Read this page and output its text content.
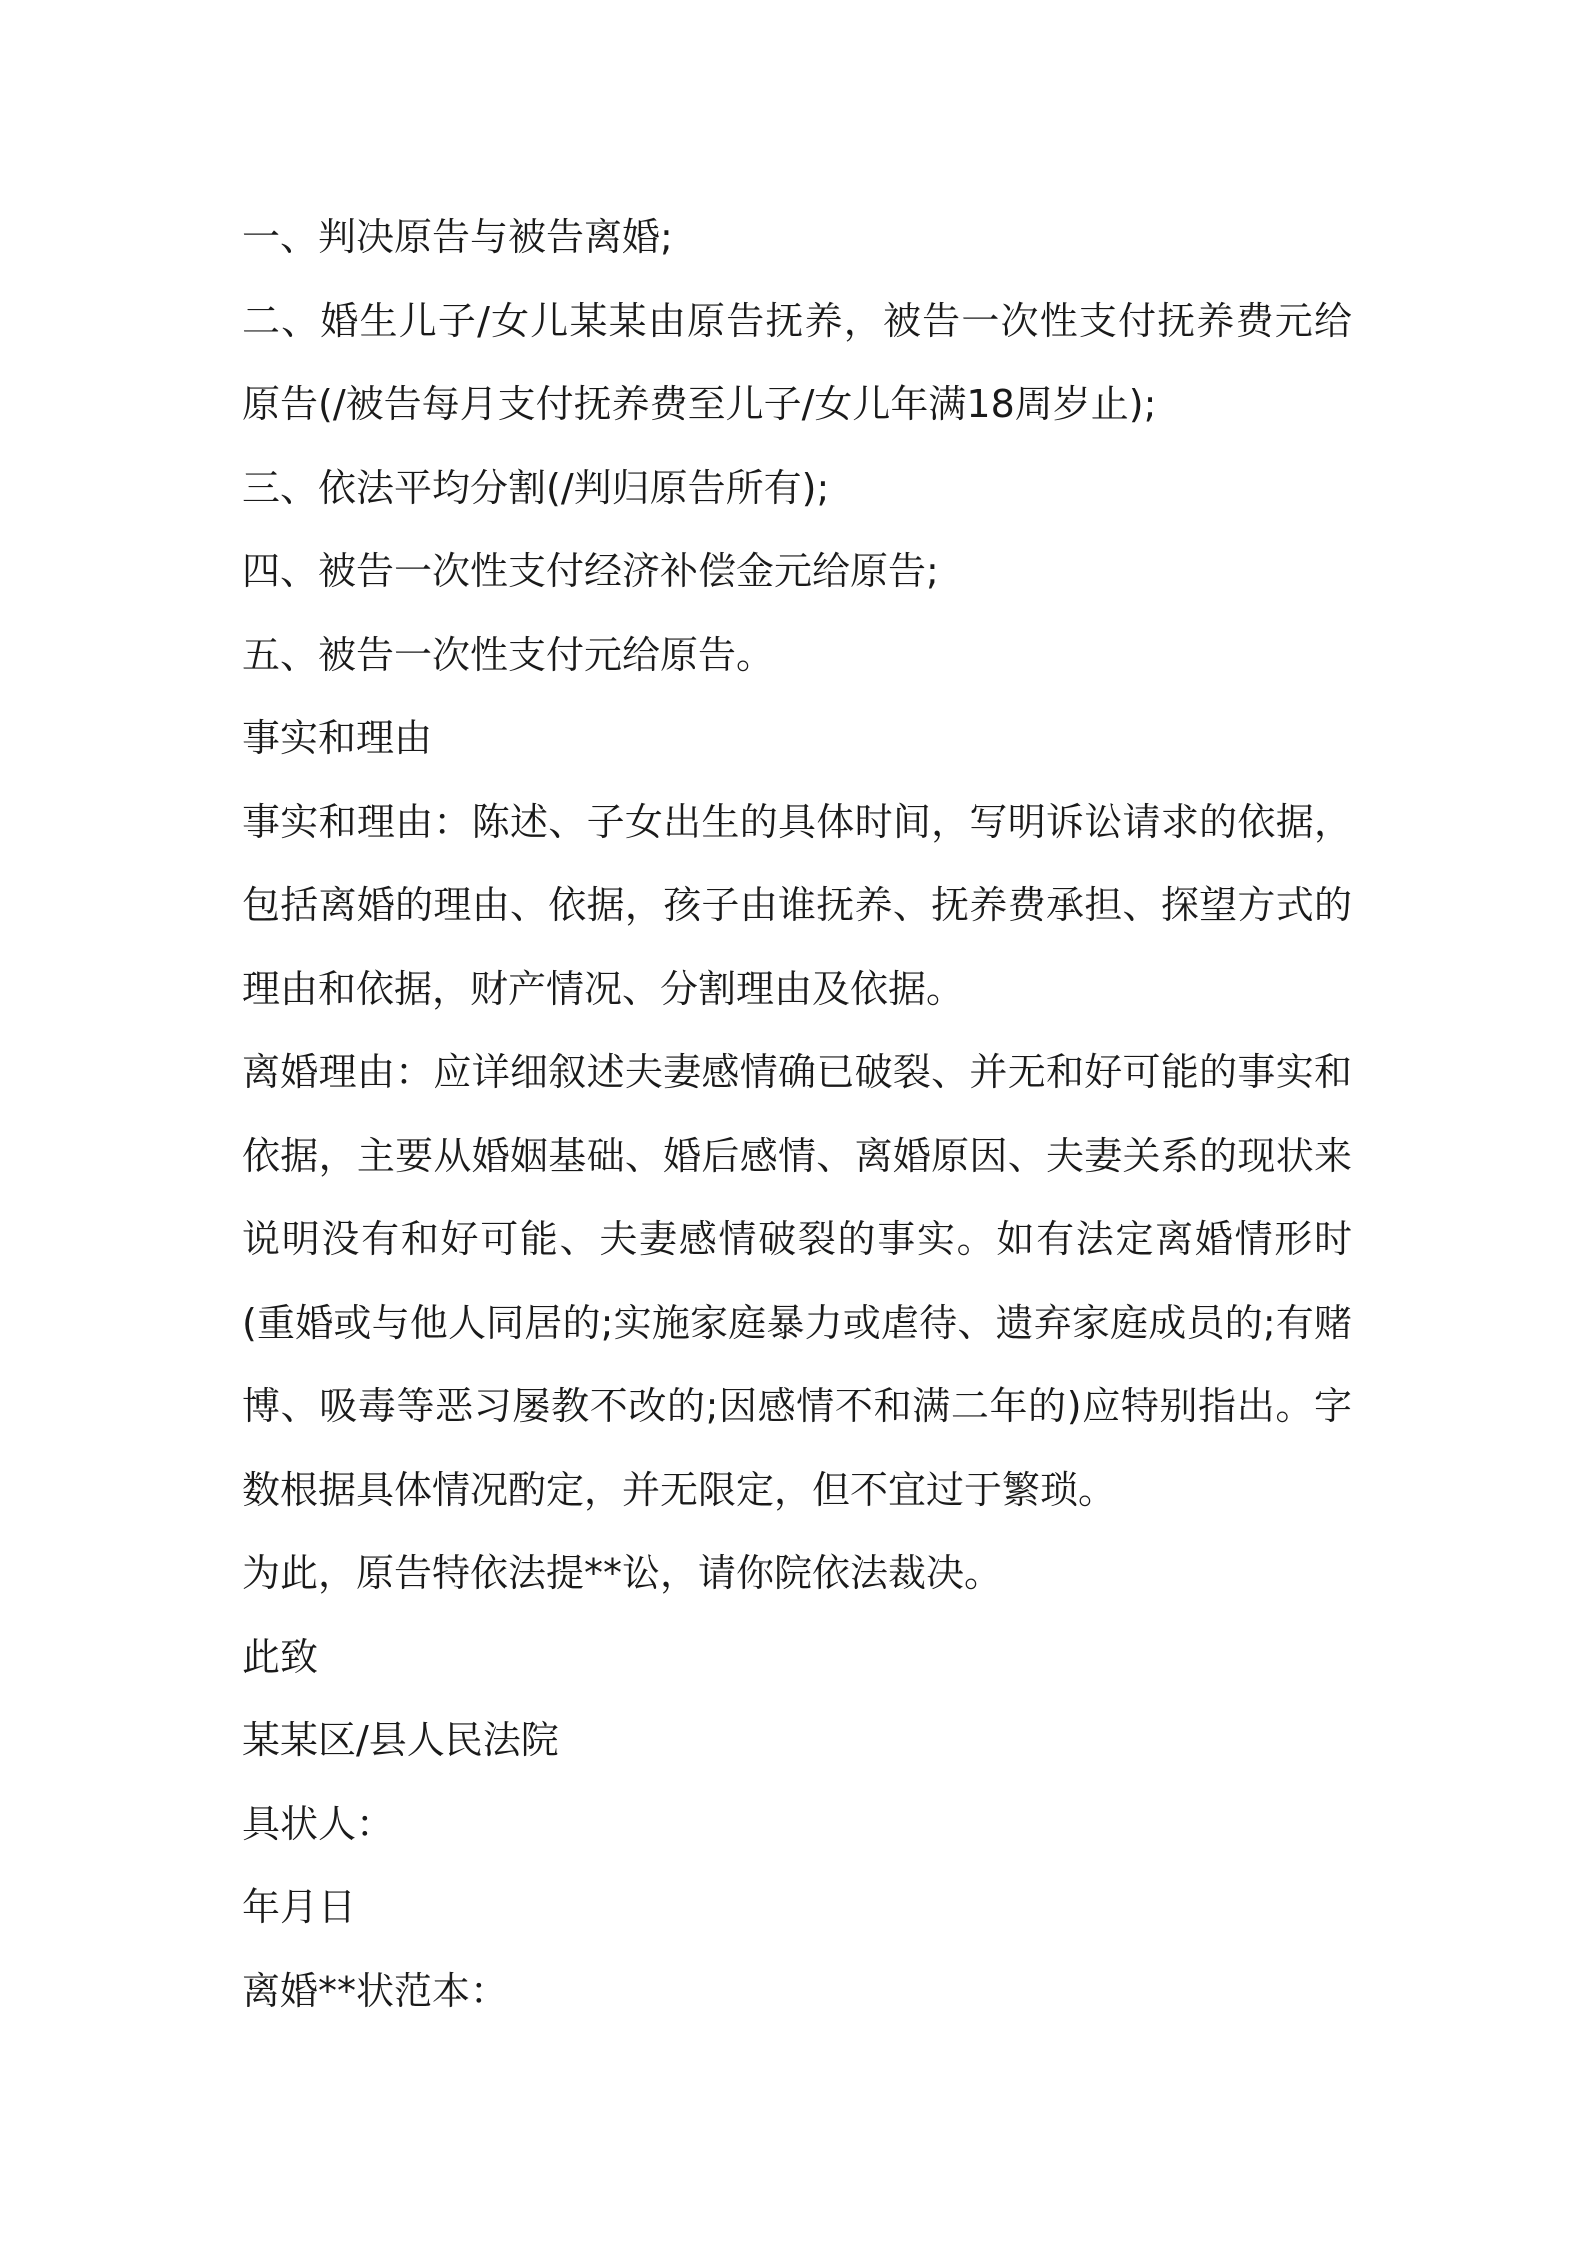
一、判决原告与被告离婚;

二、婚生儿子/女儿某某由原告抚养，被告一次性支付抚养费元给原告(/被告每月支付抚养费至儿子/女儿年满18周岁止);

三、依法平均分割(/判归原告所有);

四、被告一次性支付经济补偿金元给原告;

五、被告一次性支付元给原告。

事实和理由

事实和理由：陈述、子女出生的具体时间，写明诉讼请求的依据，包括离婚的理由、依据，孩子由谁抚养、抚养费承担、探望方式的理由和依据，财产情况、分割理由及依据。

离婚理由：应详细叙述夫妻感情确已破裂、并无和好可能的事实和依据，主要从婚姻基础、婚后感情、离婚原因、夫妻关系的现状来说明没有和好可能、夫妻感情破裂的事实。如有法定离婚情形时(重婚或与他人同居的;实施家庭暴力或虐待、遗弃家庭成员的;有赌博、吸毒等恶习屡教不改的;因感情不和满二年的)应特别指出。字数根据具体情况酌定，并无限定，但不宜过于繁琐。

为此，原告特依法提**讼，请你院依法裁决。

此致

某某区/县人民法院

具状人：

年月日

离婚**状范本：
